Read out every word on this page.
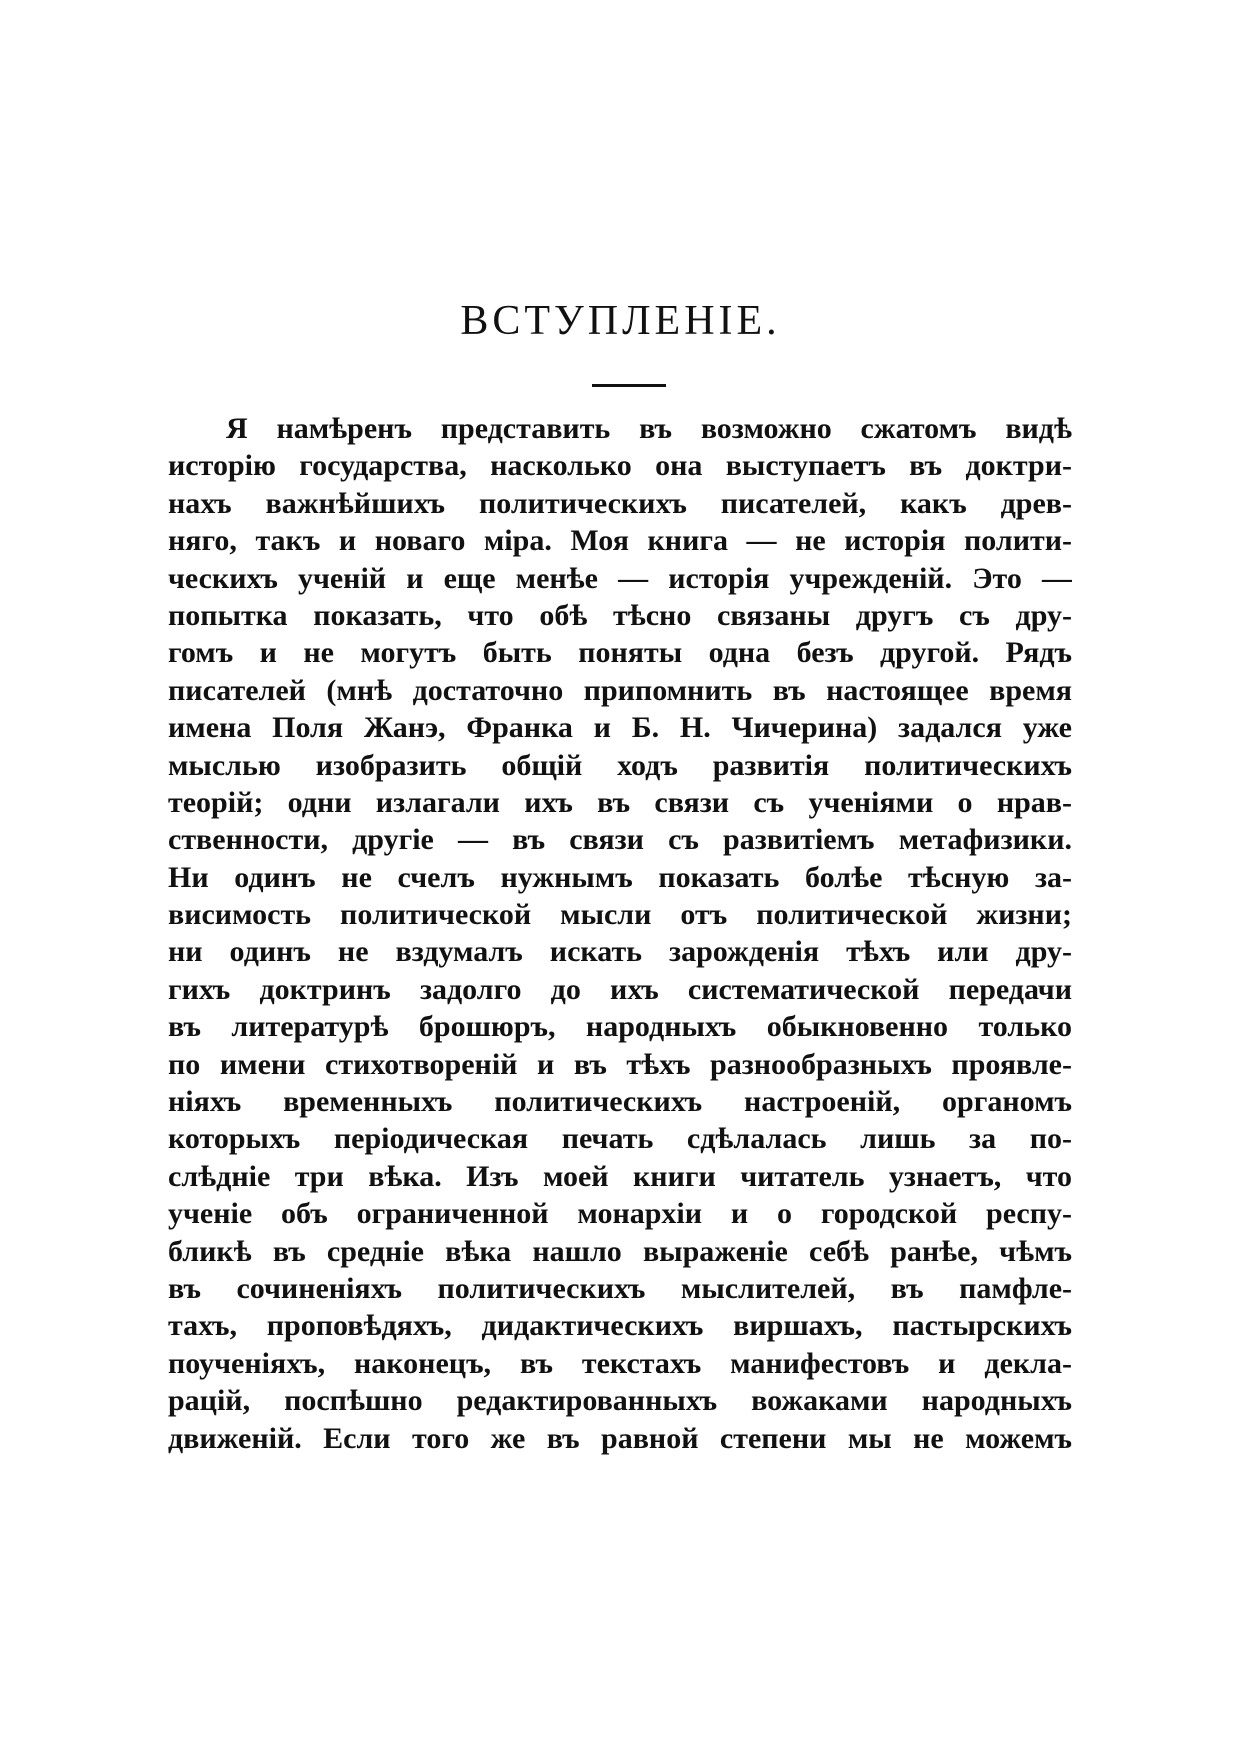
ВСТУПЛЕНІЕ.
Я намѣренъ представить въ возможно сжатомъ видѣ
исторію государства, насколько она выступаетъ въ доктри-
нахъ важнѣйшихъ политическихъ писателей, какъ древ-
няго, такъ и новаго міра. Моя книга — не исторія полити-
ческихъ ученій и еще менѣе — исторія учрежденій. Это —
попытка показать, что обѣ тѣсно связаны другъ съ дру-
гомъ и не могутъ быть поняты одна безъ другой. Рядъ
писателей (мнѣ достаточно припомнить въ настоящее время
имена Поля Жанэ, Франка и Б. Н. Чичерина) задался уже
мыслью изобразить общій ходъ развитія политическихъ
теорій; одни излагали ихъ въ связи съ ученіями о нрав-
ственности, другіе — въ связи съ развитіемъ метафизики.
Ни одинъ не счелъ нужнымъ показать болѣе тѣсную за-
висимость политической мысли отъ политической жизни;
ни одинъ не вздумалъ искать зарожденія тѣхъ или дру-
гихъ доктринъ задолго до ихъ систематической передачи
въ литературѣ брошюръ, народныхъ обыкновенно только
по имени стихотвореній и въ тѣхъ разнообразныхъ проявле-
ніяхъ временныхъ политическихъ настроеній, органомъ
которыхъ періодическая печать сдѣлалась лишь за по-
слѣдніе три вѣка. Изъ моей книги читатель узнаетъ, что
ученіе объ ограниченной монархіи и о городской респу-
бликѣ въ средніе вѣка нашло выраженіе себѣ ранѣе, чѣмъ
въ сочиненіяхъ политическихъ мыслителей, въ памфле-
тахъ, проповѣдяхъ, дидактическихъ виршахъ, пастырскихъ
поученіяхъ, наконецъ, въ текстахъ манифестовъ и декла-
рацій, поспѣшно редактированныхъ вожаками народныхъ
движеній. Если того же въ равной степени мы не можемъ
